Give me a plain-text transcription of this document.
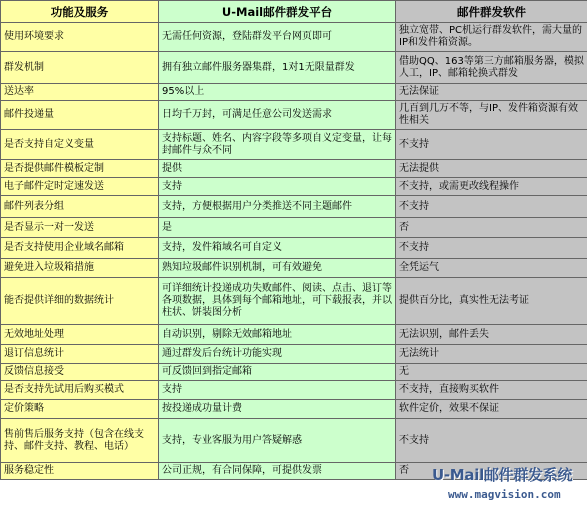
功能及服务	U-Mail邮件群发平台	邮件群发软件
使用环境要求	无需任何资源，登陆群发平台网页即可	独立宽带、PC机运行群发软件，需大量的IP和发件箱资源。
群发机制	拥有独立邮件服务器集群，1对1无限量群发	借助QQ、163等第三方邮箱服务器，模拟人工，IP、邮箱轮换式群发
送达率	95%以上	无法保证
邮件投递量	日均千万封，可满足任意公司发送需求	几百到几万不等，与IP、发件箱资源有效性相关
是否支持自定义变量	支持标题、姓名、内容字段等多项自义定变量，让每封邮件与众不同	不支持
是否提供邮件模板定制	提供	无法提供
电子邮件定时定速发送	支持	不支持，或需更改线程操作
邮件列表分组	支持，方便根据用户分类推送不同主题邮件	不支持
是否显示一对一发送	是	否
是否支持使用企业域名邮箱	支持，发件箱域名可自定义	不支持
避免进入垃圾箱措施	熟知垃圾邮件识别机制，可有效避免	全凭运气
能否提供详细的数据统计	可详细统计投递成功失败邮件、阅读、点击、退订等各项数据，具体到每个邮箱地址，可下载报表，并以柱状、饼装图分析	提供百分比，真实性无法考证
无效地址处理	自动识别，剔除无效邮箱地址	无法识别，邮件丢失
退订信息统计	通过群发后台统计功能实现	无法统计
反馈信息接受	可反馈回到指定邮箱	无
是否支持先试用后购买模式	支持	不支持，直接购买软件
定价策略	按投递成功量计费	软件定价，效果不保证
售前售后服务支持（包含在线支持、邮件支持、教程、电话）	支持，专业客服为用户答疑解惑	不支持
服务稳定性	公司正规，有合同保障，可提供发票	否 U-Mail邮件群发系统
www.magvision.com
